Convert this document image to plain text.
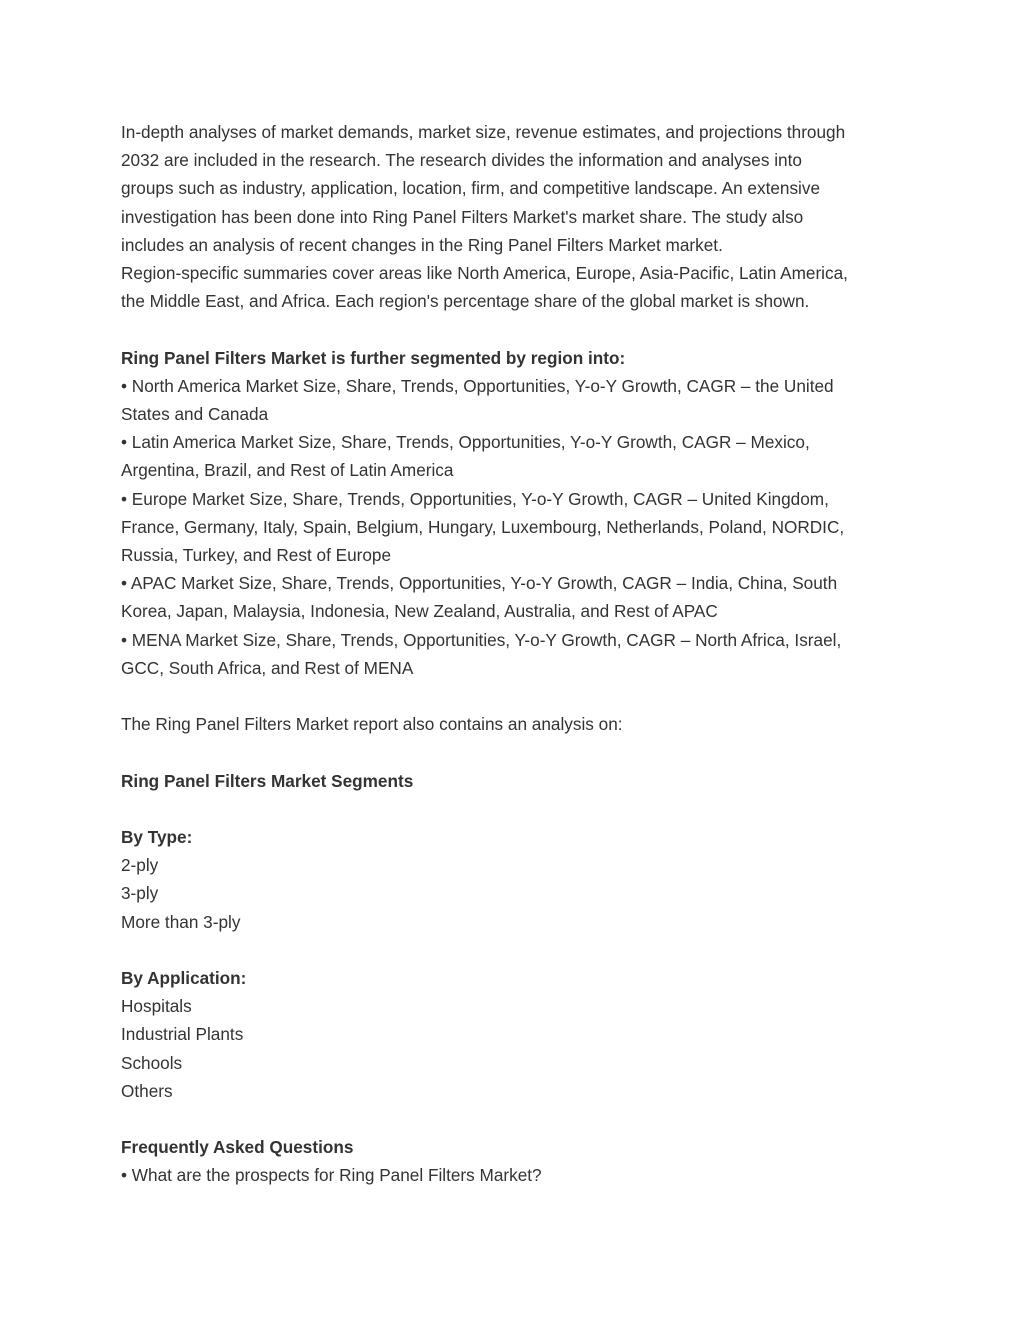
In-depth analyses of market demands, market size, revenue estimates, and projections through
2032 are included in the research. The research divides the information and analyses into
groups such as industry, application, location, firm, and competitive landscape. An extensive
investigation has been done into Ring Panel Filters Market's market share. The study also
includes an analysis of recent changes in the Ring Panel Filters Market market.
Region-specific summaries cover areas like North America, Europe, Asia-Pacific, Latin America,
the Middle East, and Africa. Each region's percentage share of the global market is shown.
Ring Panel Filters Market is further segmented by region into:
• North America Market Size, Share, Trends, Opportunities, Y-o-Y Growth, CAGR – the United
States and Canada
• Latin America Market Size, Share, Trends, Opportunities, Y-o-Y Growth, CAGR – Mexico,
Argentina, Brazil, and Rest of Latin America
• Europe Market Size, Share, Trends, Opportunities, Y-o-Y Growth, CAGR – United Kingdom,
France, Germany, Italy, Spain, Belgium, Hungary, Luxembourg, Netherlands, Poland, NORDIC,
Russia, Turkey, and Rest of Europe
• APAC Market Size, Share, Trends, Opportunities, Y-o-Y Growth, CAGR – India, China, South
Korea, Japan, Malaysia, Indonesia, New Zealand, Australia, and Rest of APAC
• MENA Market Size, Share, Trends, Opportunities, Y-o-Y Growth, CAGR – North Africa, Israel,
GCC, South Africa, and Rest of MENA
The Ring Panel Filters Market report also contains an analysis on:
Ring Panel Filters Market Segments
By Type:
2-ply
3-ply
More than 3-ply
By Application:
Hospitals
Industrial Plants
Schools
Others
Frequently Asked Questions
• What are the prospects for Ring Panel Filters Market?
